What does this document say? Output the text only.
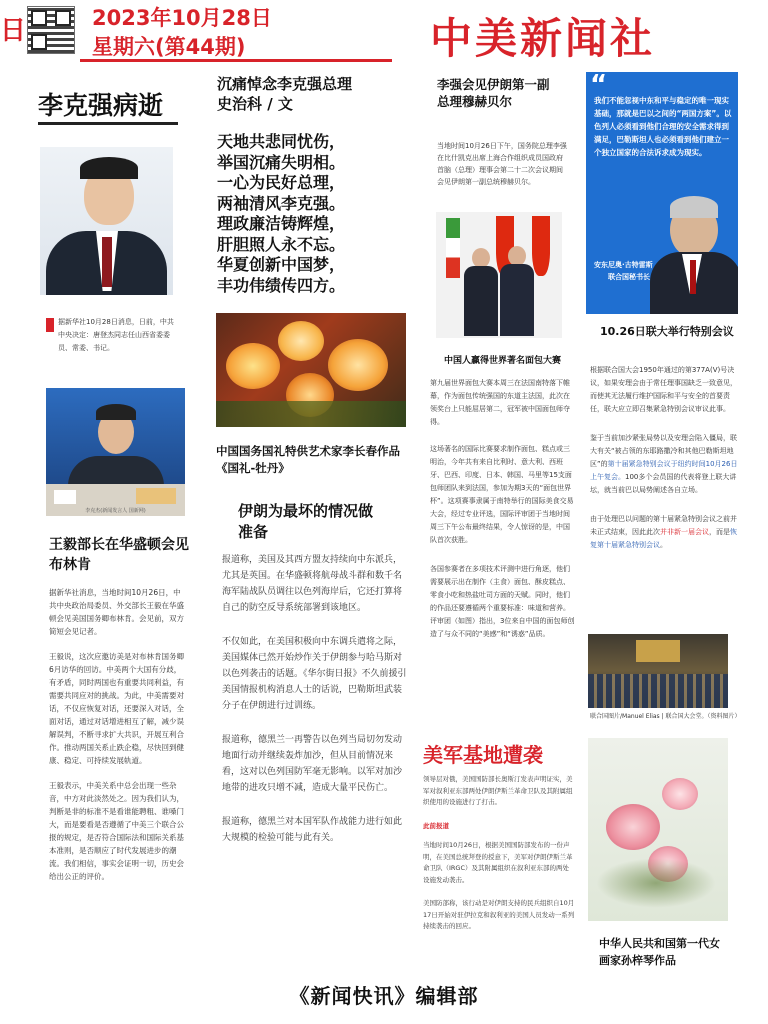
日	2023年10月28日
星期六(第44期)	中美新闻社
李克强病逝
据新华社10月28日消息，日前，中共中央决定：唐登杰同志任山西省委委员、常委、书记。
李克杰(新闻发言人 国新网)
王毅部长在华盛顿会见布林肯

据新华社消息，当地时间10月26日，中共中央政治局委员、外交部长王毅在华盛顿会见美国国务卿布林肯。会见前，双方简短会见记者。

王毅说，这次应邀访美是对布林肯国务卿6月访华的回访。中美两个大国有分歧，有矛盾，同时两国也有重要共同利益，有需要共同应对的挑战。为此，中美需要对话，不仅应恢复对话，还要深入对话，全面对话，通过对话增进相互了解，减少误解误判，不断寻求扩大共识，开展互利合作。推动两国关系止跌企稳，尽快回到健康、稳定、可持续发展轨道。

王毅表示，中美关系中总会出现一些杂音，中方对此淡然处之。因为我们认为，判断是非的标准不是看谁能聘粗、谁嗓门大，而是要看是否遵循了中美三个联合公报的规定，是否符合国际法和国际关系基本准则，是否顺应了时代发展进步的潮流。我们相信，事实会证明一切，历史会给出公正的评价。

沉痛悼念李克强总理
史治科 / 文
天地共悲同忧伤，
举国沉痛失明相。
一心为民好总理，
两袖清风李克强。
理政廉洁铸辉煌，
肝胆照人永不忘。
华夏创新中国梦，
丰功伟绩传四方。
中国国务国礼特供艺术家李长春作品《国礼-牡丹》
伊朗为最坏的情况做准备

报道称，美国及其西方盟友持续向中东派兵，尤其是英国。在华盛顿将航母战斗群和数千名海军陆战队员调往以色列海岸后，它还打算将自己的防空反导系统部署到该地区。

不仅如此，在美国积极向中东调兵遣将之际，美国媒体已然开始炒作关于伊朗参与哈马斯对以色列袭击的话题。《华尔街日报》不久前援引美国情报机构消息人士的话说，巴勒斯坦武装分子在伊朗进行过训练。

报道称，德黑兰一再警告以色列当局切勿发动地面行动并继续轰炸加沙，但从目前情况来看，这对以色列国防军毫无影响。以军对加沙地带的进攻只增不减，造成大量平民伤亡。

报道称，德黑兰对本国军队作战能力进行如此大规模的检验可能与此有关。

李强会见伊朗第一副总理穆赫贝尔
当地时间10月26日下午，国务院总理李强在比什凯克出席上海合作组织成员国政府首脑（总理）理事会第二十二次会议期间会见伊朗第一副总统穆赫贝尔。
中国人赢得世界著名面包大赛

第九届世界面包大赛本周三在法国南特落下帷幕，作为面包传统强国的东道主法国，此次在领奖台上只能屈居第二，冠军被中国面包师夺得。

这场著名的国际比赛要求制作面包、糕点或三明治，今年共有来自比利时、意大利、西班牙、巴西、印度、日本、韩国、马里等15支面包师团队来到法国，参加为期3天的“面包世界杯”。这项赛事隶属于南特举行的国际美食交易大会，经过专业评选，国际评审团于当地时间周三下午公布最终结果，令人惊讶的是，中国队首次获胜。

各国参赛者在多项技术评测中进行角逐，他们需要展示出在制作（主食）面包、酥皮糕点、零食小吃和热盐吐司方面的天赋。同时，他们的作品还要遵循两个重要标准：味道和营养。评审团（如图）指出，3位来自中国的面包师创造了与众不同的“美感”和“诱惑”品质。

美军基地遭袭

领导层对俄，美国国防部长奥斯汀发表声明证实，美军对叙利亚东部两处伊朗伊斯兰革命卫队及其附属组织使用的设施进行了打击。

此前报道

当地时间10月26日，根据美国国防部发布的一份声明，在美国总统拜登的授意下，美军对伊朗伊斯兰革命卫队（IRGC）及其附属组织在叙利亚东部的两处设施发动袭击。

美国防部称，该行动是对伊朗支持的民兵组织自10月17日开始对驻伊拉克和叙利亚的美国人员发动一系列持续袭击的回应。

“
我们不能忽视中东和平与稳定的唯一现实基础，那就是巴以之间的“两国方案”。以色列人必须看到他们合理的安全需求得到满足，巴勒斯坦人也必须看到他们建立一个独立国家的合法诉求成为现实。
安东尼奥·古特雷斯
联合国秘书长
10.26日联大举行特别会议

根据联合国大会1950年通过的第377A(V)号决议，如果安理会由于常任理事国缺乏一致意见，而使其无法履行维护国际和平与安全的首要责任，联大应立即召集紧急特别会议审议此事。

鉴于当前加沙紧张局势以及安理会陷入僵局，联大有关“被占领的东耶路撒冷和其他巴勒斯坦地区”的第十届紧急特别会议于纽约时间10月26日上午复会。100多个会员国的代表将登上联大讲坛，就当前巴以局势阐述各自立场。

由于处理巴以问题的第十届紧急特别会议之前并未正式结束，因此此次并非新一届会议，而是恢复第十届紧急特别会议。

联合国图片/Manuel Elias | 联合国大会堂。（资料图片）
中华人民共和国第一代女画家孙梓琴作品
《新闻快讯》编辑部
